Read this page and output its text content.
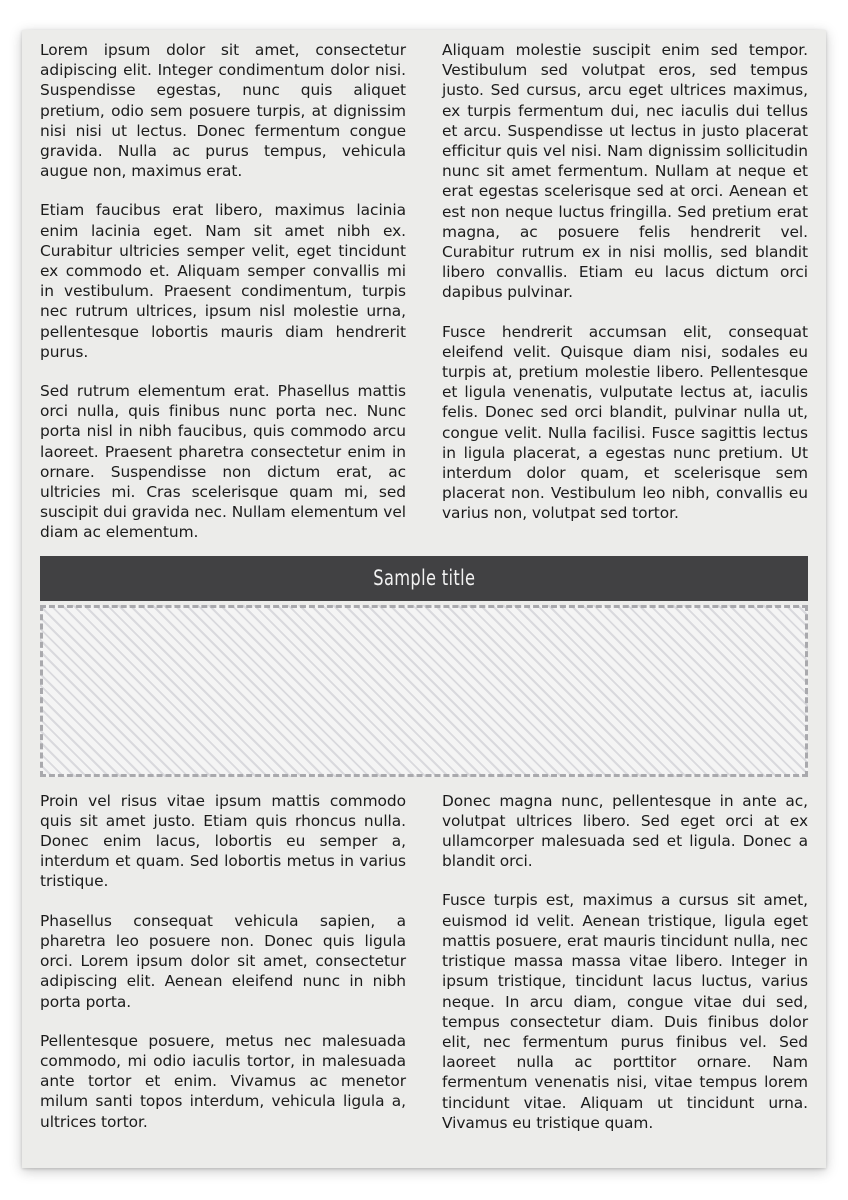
Lorem ipsum dolor sit amet, consectetur adipiscing elit. Integer condimentum dolor nisi. Suspendisse egestas, nunc quis aliquet pretium, odio sem posuere turpis, at dignissim nisi nisi ut lectus. Donec fermentum congue gravida. Nulla ac purus tempus, vehicula augue non, maximus erat.

Etiam faucibus erat libero, maximus lacinia enim lacinia eget. Nam sit amet nibh ex. Curabitur ultricies semper velit, eget tincidunt ex commodo et. Aliquam semper convallis mi in vestibulum. Praesent condimentum, turpis nec rutrum ultrices, ipsum nisl molestie urna, pellentesque lobortis mauris diam hendrerit purus.

Sed rutrum elementum erat. Phasellus mattis orci nulla, quis finibus nunc porta nec. Nunc porta nisl in nibh faucibus, quis commodo arcu laoreet. Praesent pharetra consectetur enim in ornare. Suspendisse non dictum erat, ac ultricies mi. Cras scelerisque quam mi, sed suscipit dui gravida nec. Nullam elementum vel diam ac elementum.

Aliquam molestie suscipit enim sed tempor. Vestibulum sed volutpat eros, sed tempus justo. Sed cursus, arcu eget ultrices maximus, ex turpis fermentum dui, nec iaculis dui tellus et arcu. Suspendisse ut lectus in justo placerat efficitur quis vel nisi. Nam dignissim sollicitudin nunc sit amet fermentum. Nullam at neque et erat egestas scelerisque sed at orci. Aenean et est non neque luctus fringilla. Sed pretium erat magna, ac posuere felis hendrerit vel. Curabitur rutrum ex in nisi mollis, sed blandit libero convallis. Etiam eu lacus dictum orci dapibus pulvinar.

Fusce hendrerit accumsan elit, consequat eleifend velit. Quisque diam nisi, sodales eu turpis at, pretium molestie libero. Pellentesque et ligula venenatis, vulputate lectus at, iaculis felis. Donec sed orci blandit, pulvinar nulla ut, congue velit. Nulla facilisi. Fusce sagittis lectus in ligula placerat, a egestas nunc pretium. Ut interdum dolor quam, et scelerisque sem placerat non. Vestibulum leo nibh, convallis eu varius non, volutpat sed tortor.

Sample title

Proin vel risus vitae ipsum mattis commodo quis sit amet justo. Etiam quis rhoncus nulla. Donec enim lacus, lobortis eu semper a, interdum et quam. Sed lobortis metus in varius tristique.

Phasellus consequat vehicula sapien, a pharetra leo posuere non. Donec quis ligula orci. Lorem ipsum dolor sit amet, consectetur adipiscing elit. Aenean eleifend nunc in nibh porta porta.

Pellentesque posuere, metus nec malesuada commodo, mi odio iaculis tortor, in malesuada ante tortor et enim. Vivamus ac menetor milum santi topos interdum, vehicula ligula a, ultrices tortor.

Donec magna nunc, pellentesque in ante ac, volutpat ultrices libero. Sed eget orci at ex ullamcorper malesuada sed et ligula. Donec a blandit orci.

Fusce turpis est, maximus a cursus sit amet, euismod id velit. Aenean tristique, ligula eget mattis posuere, erat mauris tincidunt nulla, nec tristique massa massa vitae libero. Integer in ipsum tristique, tincidunt lacus luctus, varius neque. In arcu diam, congue vitae dui sed, tempus consectetur diam. Duis finibus dolor elit, nec fermentum purus finibus vel. Sed laoreet nulla ac porttitor ornare. Nam fermentum venenatis nisi, vitae tempus lorem tincidunt vitae. Aliquam ut tincidunt urna. Vivamus eu tristique quam.
